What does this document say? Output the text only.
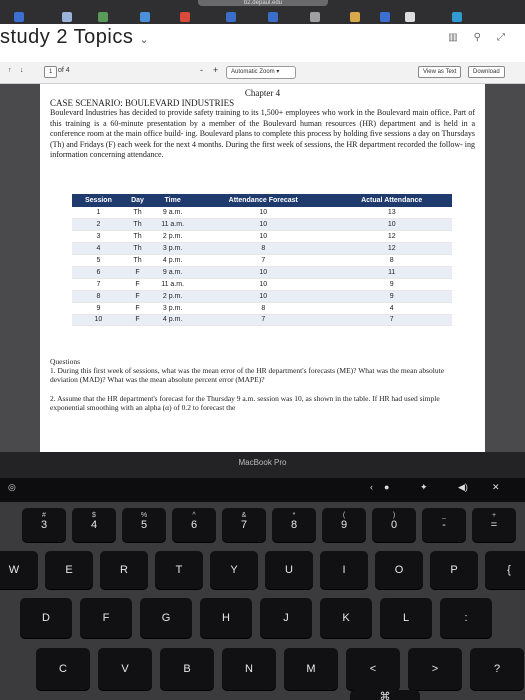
b2.depaul.edu
study 2 Topics ⌄	▥ ⚲ ⤢
↑ ↓	1 of 4	- +	Automatic Zoom ▾	View as Text	Download
Chapter 4
CASE SCENARIO: BOULEVARD INDUSTRIES
Boulevard Industries has decided to provide safety training to its 1,500+ employees who work in the Boulevard main office. Part of this training is a 60-minute presentation by a member of the Boulevard human resources (HR) department and is held in a conference room at the main office build- ing. Boulevard plans to complete this process by holding five sessions a day on Thursdays (Th) and Fridays (F) each week for the next 4 months. During the first week of sessions, the HR department recorded the follow- ing information concerning attendance.
Session	Day	Time	Attendance Forecast	Actual Attendance
1	Th	9 a.m.	10	13
2	Th	11 a.m.	10	10
3	Th	2 p.m.	10	12
4	Th	3 p.m.	8	12
5	Th	4 p.m.	7	8
6	F	9 a.m.	10	11
7	F	11 a.m.	10	9
8	F	2 p.m.	10	9
9	F	3 p.m.	8	4
10	F	4 p.m.	7	7
Questions
1. During this first week of sessions, what was the mean error of the HR department's forecasts (ME)? What was the mean absolute deviation (MAD)? What was the mean absolute percent error (MAPE)?
2. Assume that the HR department's forecast for the Thursday 9 a.m. session was 10, as shown in the table. If HR had used simple exponential smoothing with an alpha (α) of 0.2 to forecast the
MacBook Pro
◎	‹ ●	✦	◀)	✕
#
3
$
4
%
5
^
6
&
7
*
8
(
9
)
0
_
-
+
=
W	E	R	T	Y	U	I	O	P	{
D	F	G	H	J	K	L	:
C	V	B	N	M	<	>	?
⌘
